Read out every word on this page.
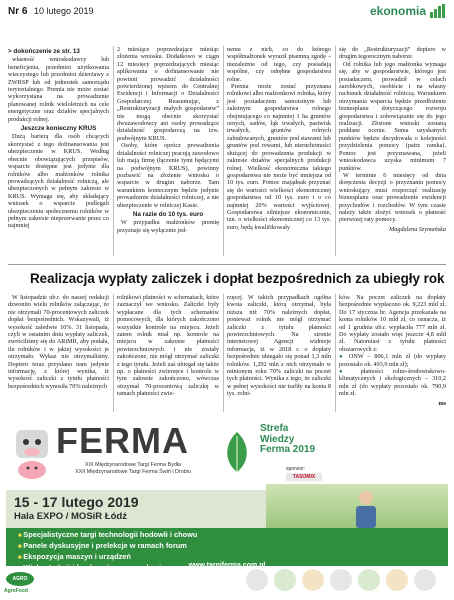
Nr 6 10 lutego 2019	ekonomia

> dokończenie ze str. 13

własność wnioskodawcy lub beneficjenta, przedmiot użytkowania wieczystego lub przedmiot dzierżawy z ZWRSP lub od jednostek samorządu terytorialnego. Premia nie może zostać wykorzystana na prowadzenie planowanej rolnik wieloletnich na cele energetyczne oraz działów specjalnych produkcji rolnej.

Jeszcze konieczny KRUS

Dużą barierą dla osób chcących skorzystać z tego dofinansowania jest ubezpieczenie w KRUS. Według obecnie obowiązujących przepisów, wsparcie dostępne jest jedynie dla rolników albo małżonków rolnika prowadzących działalność rolniczą, ale ubezpieczonych w pełnym zakresie w KRUS. Wymaga się, aby składający wniosek o wsparcie podlegali ubezpieczeniu społecznemu rolników w pełnym zakresie nieprzerwanie przez co najmniej

2 miesiące poprzedzające miesiąc złożenia wniosku. Dodatkowo w ciągu 12 miesięcy poprzedzających miesiąc aplikowania o dofinansowanie nie powinni prowadzić działalności potwierdzonej wpisem do Centralnej Ewidencji i Informacji o Działalności Gospodarczej. Reasumując, z „Restrukturyzacji małych gospodarstw” nie mogą obecnie skorzystać dwuzawodowcy ani osoby prowadzące działalność gospodarczą na tzw. podwójnym KRUS.

Osoby, które oprócz prowadzenia działalności rolniczej pracują zawodowo lub mają firmę (łączenie tymi będącymi na podwójnym KRUS), powinny pozbawić na złożenie wniosku o wsparcie w drugim naborze. Tam warunkiem koniecznym będzie jedynie prowadzenie działalności rolniczej, a nie ubezpieczenie w rolniczej Kasie.

Na razie do 10 tys. euro

W przypadku małżonków premię przyznaje się wyłącznie jed-

nemu z nich, co do którego współmałżonek wyraził pisemną zgodę – niezależnie od tego, czy posiadają wspólne, czy odrębne gospodarstwa rolne.

Premia może zostać przyznana rolnikowi albo małżonkowi rolnika, który jest posiadaczem samoistnym lub zależnym gospodarstwa rolnego obejmującego co najmniej 1 ha gruntów ornych, sadów, łąk trwałych, pastwisk trwałych, gruntów rolnych zabudowanych, gruntów pod stawami lub gruntów pod rowami, lub nieruchomości służącej do prowadzenia produkcji w zakresie działów specjalnych produkcji rolnej. Wielkość ekonomiczna takiego gospodarstwa nie może być mniejsza od 10 tys. euro. Pomoc majądnak przyznać się do wartości wielkości ekonomicznej gospodarstwa od 10 tys. euro i o co najmniej 20% wartości wyjściowej. Gospodarstwa silniejsze ekonomicznie, tzn. o wielkości ekonomicznej co 13 tys. euro, będą kwalifikowały

się do „Restrukturyzacji” dopiero w drugim tegorocznym naborze.

Od rolnika lub jego małżonka wymaga się, aby w gospodarstwie, którego jest posiadaczem, prowadził w celach zarobkowych, osobiście i na własny rachunek działalność rolniczą. Warunkiem otrzymania wsparcia będzie przedłożenie biznesplanu dotyczącego rozwoju gospodarstwa i zobowiązanie się do jego realizacji. Złożone wnioski zostaną poddane ocenie. Suma uzyskanych punktów będzie decydowała o kolejności przydzielenia pomocy (patrz ramka). Pomoc jest przyznawana, jeżeli wnioskodawca uzyska minimum 7 punktów.

W terminie 6 miesięcy od dnia doręczenia decyzji o przyznaniu pomocy wnioskujący musi rozpocząć realizację biznesplanu oraz prowadzenie ewidencji przychodów i rozchodów. W tym czasie należy także złożyć wniosek o płatność pierwszej raty pomocy.

Magdalena Szymańska

Realizacja wypłaty zaliczek i dopłat bezpośrednich za ubiegły rok

W listopadzie ub.r. do naszej redakcji dzwonito wielu rolników załączając, że nie otrzymali 70-procentowych zaliczek dopłat bezpośrednich. Wskazywali, iż wysokość zaledwie 10%. 31 listopada, czyli w ostatnim dniu wypłaty zaliczek, zwróciliśmy się do ARiMR, aby podała, ilu rolników i w jakiej wysokości je otrzymało. Wykaz nie otrzymaliśmy. Dopiero teraz przysłano nam jedynie informację, z której wynika, iż wysokość zaliczki z tytułu płatności bezpośrednich wynosiła 70% należnych

rolnikowi płatności w schematach, które zaznaczył we wniosku. Zaliczki były wypłacane dla tych schematów pomocowych, dla których zakończono wszystkie kontrole na miejscu. Jeżeli zatem rolnik miał np. kontrole na miejscu w zakresie płatności powierzchniowych i nie zostały zakończone, nie mógł otrzymać zaliczki z tego tytułu. Jeżeli zaś ubiegał się także np. o płatności zwierzęce i kontrole w tym zakresie zakończono, wówczas otrzymał 70-procentową zaliczkę w ramach płatności zwie-

rzęcej. W takich przypadkach ogólna kwota zaliczki, którą otrzymał, była niższa niż 70% należnych dopłat, ponieważ rolnik nie mógł otrzymać zaliczki z tytułu płatności powierzchniowych. Na stronie internetowej Agencji widnieje informacja, iż w 2018 r. o dopłaty bezpośrednie ubiegało się ponad 1,3 mln rolników. 1,292 mln z nich otrzymało w minionym roku 70% zaliczki na poczet tych płatności. Wynika z tego, że zaliczki w pełnej wysokości nie trafiły na konta 8 tys. rolni-

ków. Na poczet zaliczek na dopłaty bezpośrednie wypłacono ok. 9,223 mld zł. Do 17 stycznia br. Agencja przekazała na konta rolników 10 mld zł, co oznacza, iż od 1 grudnia ub.r. wypłaciła 777 mln zł. Do wypłaty zostało więc jeszcze 4,8 mld zł. Natomiast z tytułu płatności obszarowych z:

● ONW – 806,1 mln zł (do wypłaty pozostało ok. 493,9 mln zł);

● płatności rolno-środowiskowo-klimatycznych i ekologicznych – 310,2 mln zł (do wypłaty pozostało ok. 790,9 mln zł.

ms

FERMA
XIX Międzynarodowe Targi Ferma Bydła
XXII Międzynarodowe Targi Ferma Świń i Drobiu
Strefa
Wiedzy
Ferma 2019
sponsor:
TASOMIX
15 - 17 lutego 2019
Hala EXPO / MOSiR Łódź
■ Specjalistyczne targi technologii hodowli i chowu
■ Panele dyskusyjne i prelekcje w ramach forum
■ Ekspozycja maszyn i urządzeń
■
AGRO
AgroFood
